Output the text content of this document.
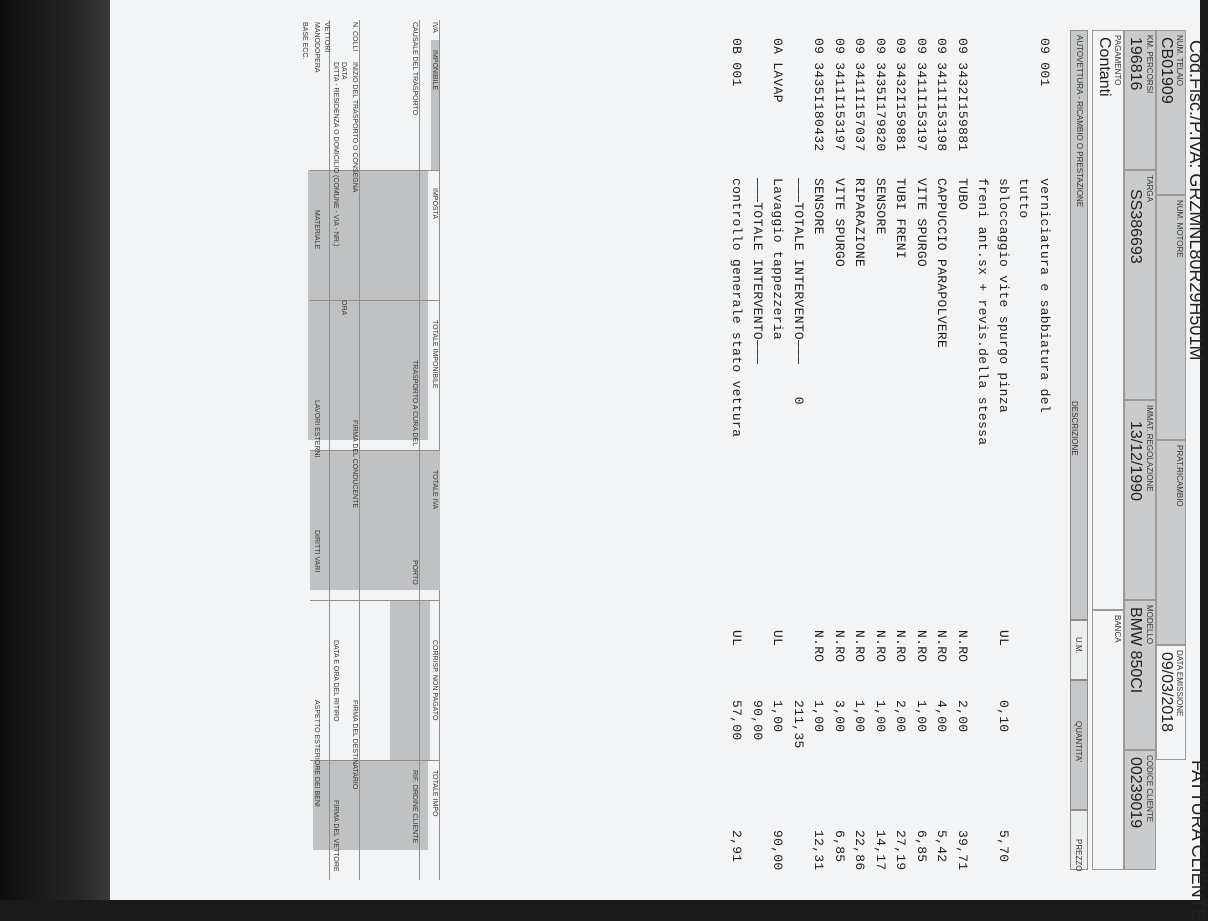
Cod.Fisc./P.IVA: GRZMNL80R29H501M
FATTURA CLIENTE
NUM. TELAIO
CB01909
NUM. MOTORE
PRAT.RICAMBIO
DATA EMISSIONE
09/03/2018
KM. PERCORSI
196816
TARGA
SS386693
IMMAT. REGOLAZIONE
13/12/1990
MODELLO
BMW 850CI
CODICE CLIENTE
00239019
PAGAMENTO
Contanti
BANCA
AUTOVETTURA - RICAMBIO O PRESTAZIONE
DESCRIZIONE
U.M.
QUANTITA'
PREZZO
09 001
verniciatura e sabbiatura del
tutto
sbloccaggio vite spurgo pinza
UL
0,10
5,70
freni ant.sx + revis.della stessa
09 3432I159881
TUBO
N.RO
2,00
39,71
09 3411I153198
CAPPUCCIO PARAPOLVERE
N.RO
4,00
5,42
09 3411I153197
VITE SPURGO
N.RO
1,00
6,85
09 3432I159881
TUBI FRENI
N.RO
2,00
27,19
09 3435I179820
SENSORE
N.RO
1,00
14,17
09 3411I157037
RIPARAZIONE
N.RO
1,00
22,86
09 3411I153197
VITE SPURGO
N.RO
3,00
6,85
09 3435I180432
SENSORE
N.RO
1,00
12,31
———TOTALE INTERVENTO———    0
211,35
0A LAVAP
Lavaggio tappezzeria
UL
1,00
90,00
———TOTALE INTERVENTO———
90,00
0B 001
controllo generale stato vettura
UL
57,00
2,91
IVA
IMPONIBILE
IMPOSTA
TOTALE IMPONIBILE
TOTALE IVA
CORRISP. NON PAGATO
TOTALE IMPO
CAUSALE DEL TRASPORTO
TRASPORTO A CURA DEL
PORTO
RIF. ORDINE CLIENTE
N. COLLI
INIZIO DEL TRASPORTO O CONSEGNA
FIRMA DEL CONDUCENTE
FIRMA DEL DESTINATARIO
DATA
ORA
DITTA - RESIDENZA O DOMICILIO (COMUNE - VIA - NR.)
DATA E ORA DEL RITIRO
FIRMA DEL VETTORE
VETTORI
MANODOPERA
MATERIALE
LAVORI ESTERNI
DIRITTI VARI
ASPETTO ESTERIORE DEI BENI
BASE ECC.
